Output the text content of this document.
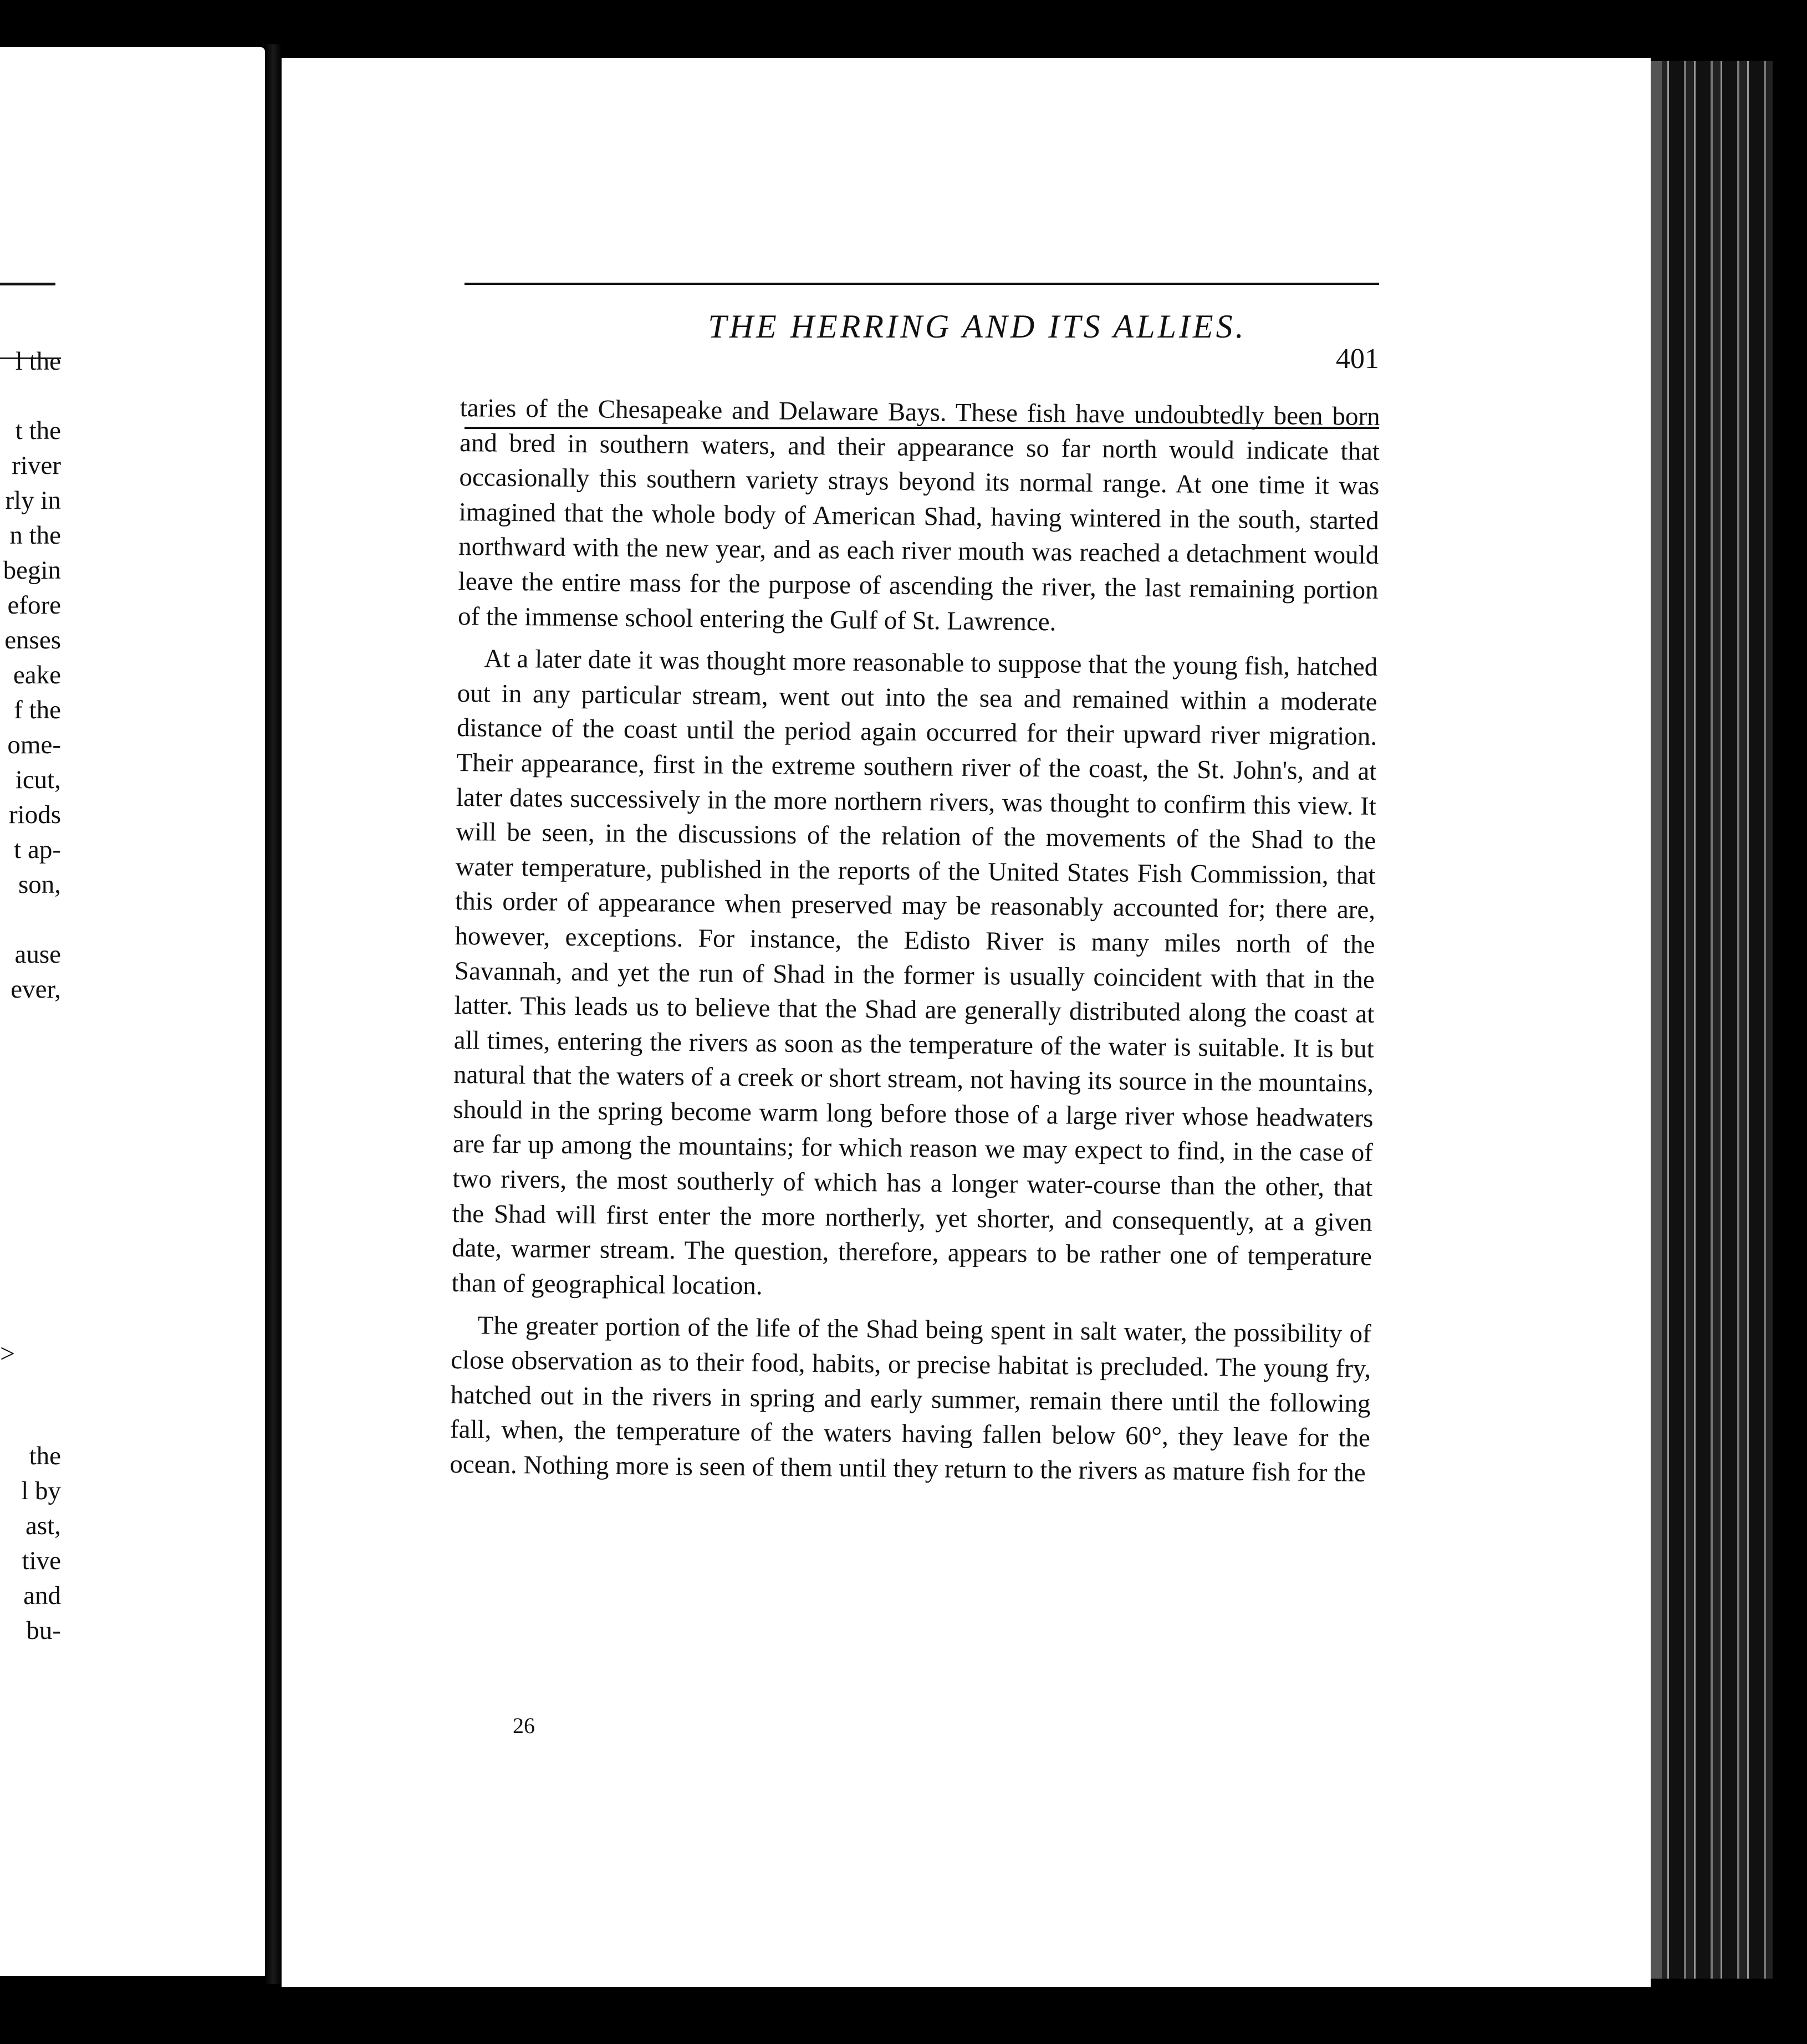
l the
t the
river
rly in
n the
begin
efore
enses
eake
f the
ome-
icut,
riods
t ap-
son,
ause
ever,
the
l by
ast,
tive
and
bu-
>
THE HERRING AND ITS ALLIES.
401

taries of the Chesapeake and Delaware Bays. These fish have undoubtedly been born and bred in southern waters, and their appearance so far north would indicate that occasionally this southern variety strays beyond its normal range. At one time it was imagined that the whole body of American Shad, having wintered in the south, started northward with the new year, and as each river mouth was reached a detachment would leave the entire mass for the purpose of ascending the river, the last remaining portion of the immense school entering the Gulf of St. Lawrence.

At a later date it was thought more reasonable to suppose that the young fish, hatched out in any particular stream, went out into the sea and remained within a moderate distance of the coast until the period again occurred for their upward river migration. Their appearance, first in the extreme southern river of the coast, the St. John's, and at later dates successively in the more northern rivers, was thought to confirm this view. It will be seen, in the discussions of the relation of the movements of the Shad to the water temperature, published in the reports of the United States Fish Commission, that this order of appearance when preserved may be reasonably accounted for; there are, however, exceptions. For instance, the Edisto River is many miles north of the Savannah, and yet the run of Shad in the former is usually coincident with that in the latter. This leads us to believe that the Shad are generally distributed along the coast at all times, entering the rivers as soon as the temperature of the water is suitable. It is but natural that the waters of a creek or short stream, not having its source in the mountains, should in the spring become warm long before those of a large river whose headwaters are far up among the mountains; for which reason we may expect to find, in the case of two rivers, the most southerly of which has a longer water-course than the other, that the Shad will first enter the more northerly, yet shorter, and consequently, at a given date, warmer stream. The question, therefore, appears to be rather one of temperature than of geographical location.

The greater portion of the life of the Shad being spent in salt water, the possibility of close observation as to their food, habits, or precise habitat is precluded. The young fry, hatched out in the rivers in spring and early summer, remain there until the following fall, when, the temperature of the waters having fallen below 60°, they leave for the ocean. Nothing more is seen of them until they return to the rivers as mature fish for the

26
